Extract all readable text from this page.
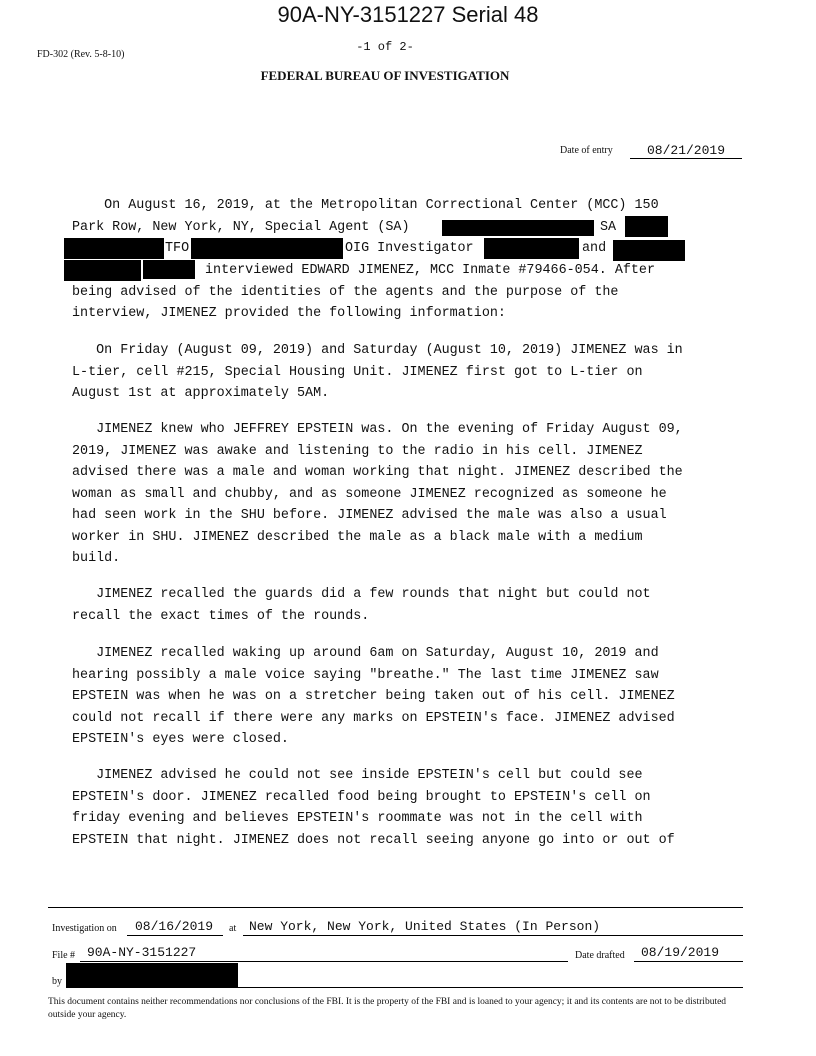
90A-NY-3151227 Serial 48
FD-302 (Rev. 5-8-10)
-1 of 2-
FEDERAL BUREAU OF INVESTIGATION
Date of entry	08/21/2019
On August 16, 2019, at the Metropolitan Correctional Center (MCC) 150
Park Row, New York, NY, Special Agent (SA)	SA
TFO	OIG Investigator	and
interviewed EDWARD JIMENEZ, MCC Inmate #79466-054. After
being advised of the identities of the agents and the purpose of the
interview, JIMENEZ provided the following information:
On Friday (August 09, 2019) and Saturday (August 10, 2019) JIMENEZ was in
L-tier, cell #215, Special Housing Unit. JIMENEZ first got to L-tier on
August 1st at approximately 5AM.
JIMENEZ knew who JEFFREY EPSTEIN was. On the evening of Friday August 09,
2019, JIMENEZ was awake and listening to the radio in his cell. JIMENEZ
advised there was a male and woman working that night. JIMENEZ described the
woman as small and chubby, and as someone JIMENEZ recognized as someone he
had seen work in the SHU before. JIMENEZ advised the male was also a usual
worker in SHU. JIMENEZ described the male as a black male with a medium
build.
JIMENEZ recalled the guards did a few rounds that night but could not
recall the exact times of the rounds.
JIMENEZ recalled waking up around 6am on Saturday, August 10, 2019 and
hearing possibly a male voice saying "breathe." The last time JIMENEZ saw
EPSTEIN was when he was on a stretcher being taken out of his cell. JIMENEZ
could not recall if there were any marks on EPSTEIN's face. JIMENEZ advised
EPSTEIN's eyes were closed.
JIMENEZ advised he could not see inside EPSTEIN's cell but could see
EPSTEIN's door. JIMENEZ recalled food being brought to EPSTEIN's cell on
friday evening and believes EPSTEIN's roommate was not in the cell with
EPSTEIN that night. JIMENEZ does not recall seeing anyone go into or out of
Investigation on 08/16/2019 at New York, New York, United States (In Person)
File # 90A-NY-3151227	Date drafted 08/19/2019
by
This document contains neither recommendations nor conclusions of the FBI. It is the property of the FBI and is loaned to your agency; it and its contents are not to be distributed outside your agency.
